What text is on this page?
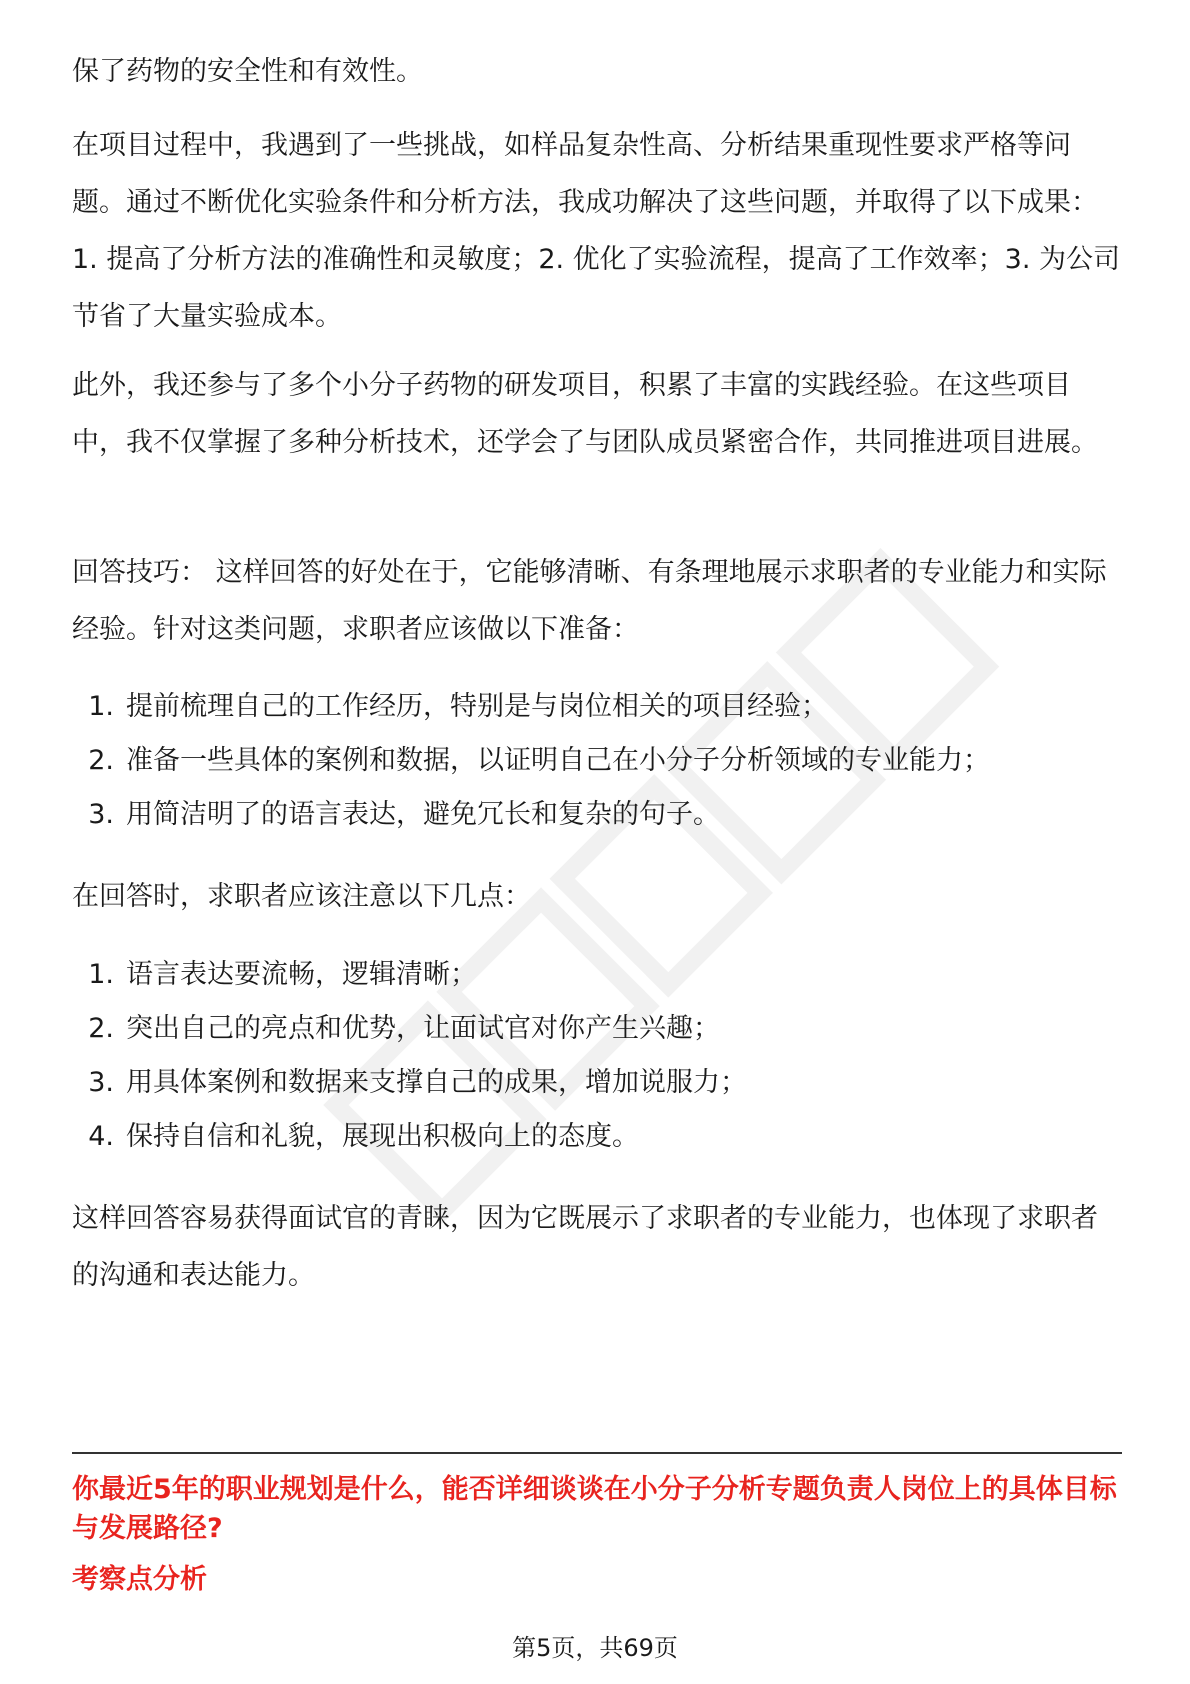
保了药物的安全性和有效性。

在项目过程中，我遇到了一些挑战，如样品复杂性高、分析结果重现性要求严格等问题。通过不断优化实验条件和分析方法，我成功解决了这些问题，并取得了以下成果：1. 提高了分析方法的准确性和灵敏度；2. 优化了实验流程，提高了工作效率；3. 为公司节省了大量实验成本。

此外，我还参与了多个小分子药物的研发项目，积累了丰富的实践经验。在这些项目中，我不仅掌握了多种分析技术，还学会了与团队成员紧密合作，共同推进项目进展。

回答技巧： 这样回答的好处在于，它能够清晰、有条理地展示求职者的专业能力和实际经验。针对这类问题，求职者应该做以下准备：

1. 提前梳理自己的工作经历，特别是与岗位相关的项目经验；
2. 准备一些具体的案例和数据，以证明自己在小分子分析领域的专业能力；
3. 用简洁明了的语言表达，避免冗长和复杂的句子。

在回答时，求职者应该注意以下几点：

1. 语言表达要流畅，逻辑清晰；
2. 突出自己的亮点和优势，让面试官对你产生兴趣；
3. 用具体案例和数据来支撑自己的成果，增加说服力；
4. 保持自信和礼貌，展现出积极向上的态度。

这样回答容易获得面试官的青睐，因为它既展示了求职者的专业能力，也体现了求职者的沟通和表达能力。

你最近5年的职业规划是什么，能否详细谈谈在小分子分析专题负责人岗位上的具体目标与发展路径?
考察点分析
第5页，共69页
